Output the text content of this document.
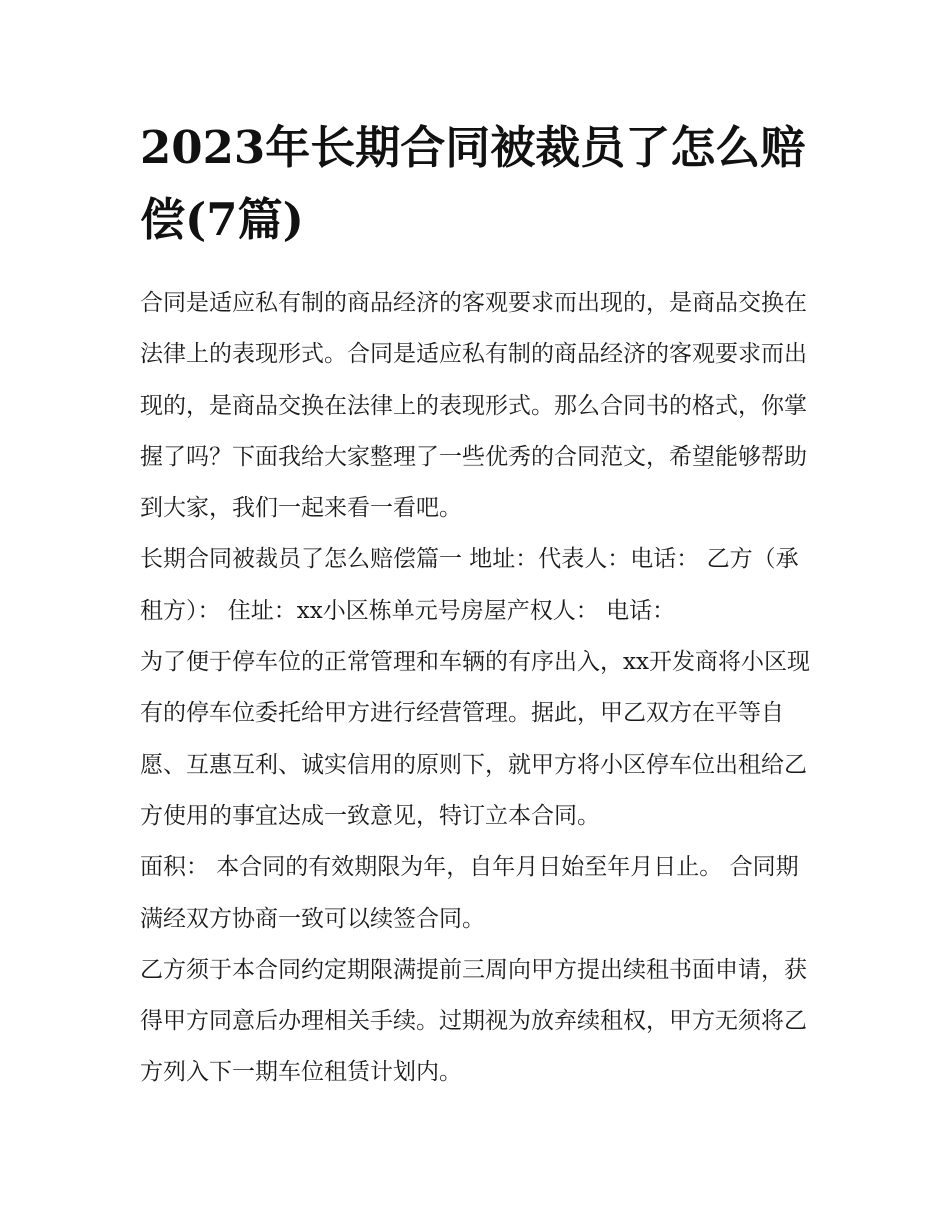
2023年长期合同被裁员了怎么赔偿(7篇)

合同是适应私有制的商品经济的客观要求而出现的，是商品交换在法律上的表现形式。合同是适应私有制的商品经济的客观要求而出现的，是商品交换在法律上的表现形式。那么合同书的格式，你掌握了吗？下面我给大家整理了一些优秀的合同范文，希望能够帮助到大家，我们一起来看一看吧。

长期合同被裁员了怎么赔偿篇一 地址：代表人：电话： 乙方（承租方）： 住址：xx小区栋单元号房屋产权人： 电话：

为了便于停车位的正常管理和车辆的有序出入，xx开发商将小区现有的停车位委托给甲方进行经营管理。据此，甲乙双方在平等自愿、互惠互利、诚实信用的原则下，就甲方将小区停车位出租给乙方使用的事宜达成一致意见，特订立本合同。

面积： 本合同的有效期限为年，自年月日始至年月日止。 合同期满经双方协商一致可以续签合同。

乙方须于本合同约定期限满提前三周向甲方提出续租书面申请，获得甲方同意后办理相关手续。过期视为放弃续租权，甲方无须将乙方列入下一期车位租赁计划内。
